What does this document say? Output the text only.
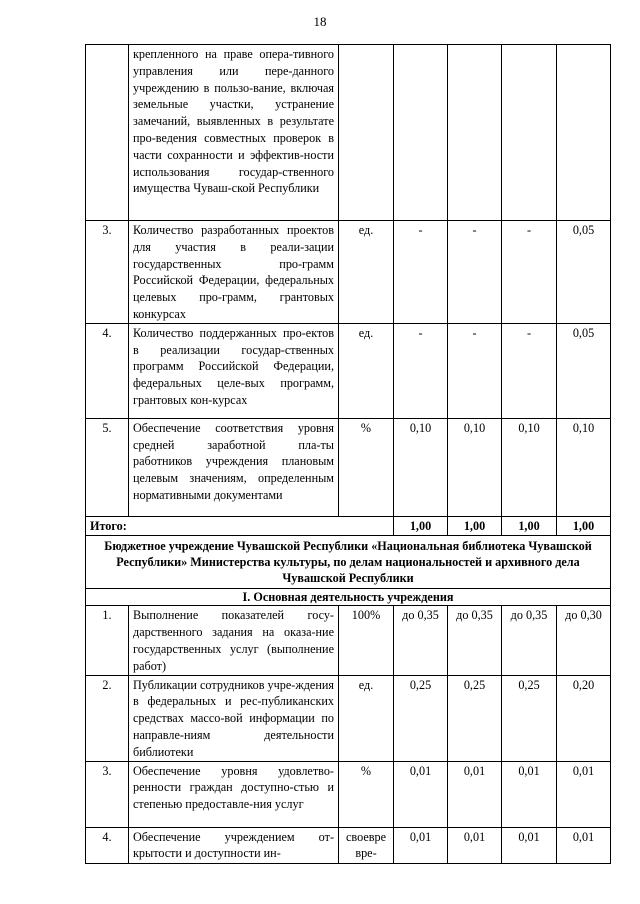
18
	крепленного на праве опера-тивного управления или пере-данного учреждению в пользо-вание, включая земельные участки, устранение замечаний, выявленных в результате про-ведения совместных проверок в части сохранности и эффектив-ности использования государ-ственного имущества Чуваш-ской Республики					
3.	Количество разработанных проектов для участия в реали-зации государственных про-грамм Российской Федерации, федеральных целевых про-грамм, грантовых конкурсах	ед.	-	-	-	0,05
4.	Количество поддержанных про-ектов в реализации государ-ственных программ Российской Федерации, федеральных целе-вых программ, грантовых кон-курсах	ед.	-	-	-	0,05
5.	Обеспечение соответствия уровня средней заработной пла-ты работников учреждения плановым целевым значениям, определенным нормативными документами	%	0,10	0,10	0,10	0,10
Итого:			1,00	1,00	1,00	1,00
Бюджетное учреждение Чувашской Республики «Национальная библиотека Чувашской Республики» Министерства культуры, по делам национальностей и архивного дела Чувашской Республики						
I. Основная деятельность учреждения						
1.	Выполнение показателей госу-дарственного задания на оказа-ние государственных услуг (выполнение работ)	100%	до 0,35	до 0,35	до 0,35	до 0,30
2.	Публикации сотрудников учре-ждения в федеральных и рес-публиканских средствах массо-вой информации по направле-ниям деятельности библиотеки	ед.	0,25	0,25	0,25	0,20
3.	Обеспечение уровня удовлетво-ренности граждан доступно-стью и степенью предоставле-ния услуг	%	0,01	0,01	0,01	0,01
4.	Обеспечение учреждением от-крытости и доступности ин-	своевре вре-	0,01	0,01	0,01	0,01
